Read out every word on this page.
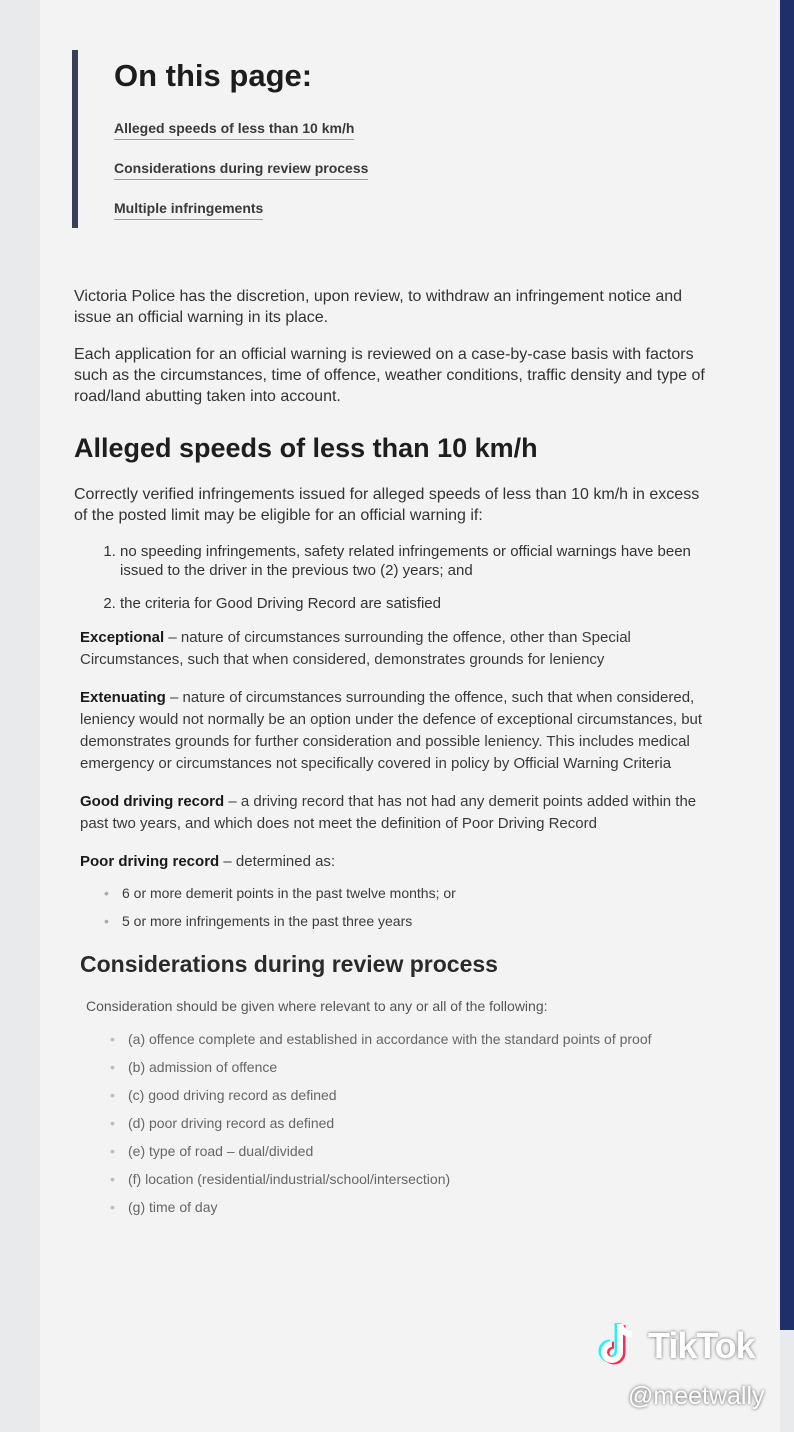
On this page:
Alleged speeds of less than 10 km/h
Considerations during review process
Multiple infringements

Victoria Police has the discretion, upon review, to withdraw an infringement notice and issue an official warning in its place.

Each application for an official warning is reviewed on a case-by-case basis with factors such as the circumstances, time of offence, weather conditions, traffic density and type of road/land abutting taken into account.

Alleged speeds of less than 10 km/h

Correctly verified infringements issued for alleged speeds of less than 10 km/h in excess of the posted limit may be eligible for an official warning if:

1. no speeding infringements, safety related infringements or official warnings have been issued to the driver in the previous two (2) years; and
2. the criteria for Good Driving Record are satisfied
Exceptional – nature of circumstances surrounding the offence, other than Special Circumstances, such that when considered, demonstrates grounds for leniency
Extenuating – nature of circumstances surrounding the offence, such that when considered, leniency would not normally be an option under the defence of exceptional circumstances, but demonstrates grounds for further consideration and possible leniency. This includes medical emergency or circumstances not specifically covered in policy by Official Warning Criteria
Good driving record – a driving record that has not had any demerit points added within the past two years, and which does not meet the definition of Poor Driving Record
Poor driving record – determined as:
• 6 or more demerit points in the past twelve months; or
• 5 or more infringements in the past three years
Considerations during review process
Consideration should be given where relevant to any or all of the following:
• (a) offence complete and established in accordance with the standard points of proof
• (b) admission of offence
• (c) good driving record as defined
• (d) poor driving record as defined
• (e) type of road – dual/divided
• (f) location (residential/industrial/school/intersection)
• (g) time of day
TikTok
@meetwally
